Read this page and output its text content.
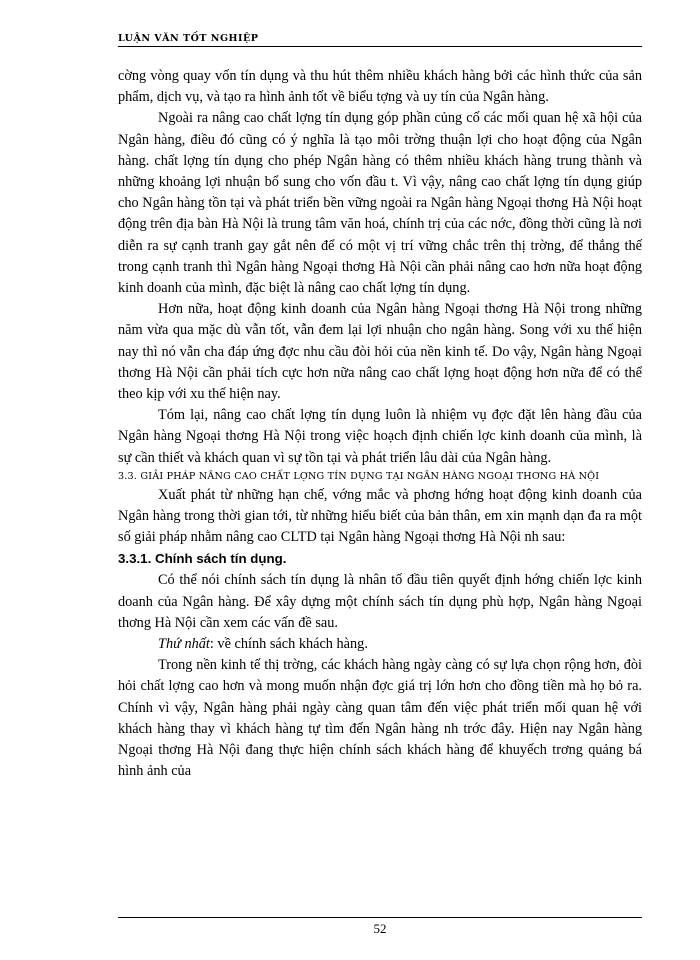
LUẬN VĂN TỐT NGHIỆP

cờng vòng quay vốn tín dụng và thu hút thêm nhiều khách hàng bởi các hình thức của sản phẩm, dịch vụ, và tạo ra hình ảnh tốt về biểu tợng và uy tín của Ngân hàng.

Ngoài ra nâng cao chất lợng tín dụng góp phần củng cố các mối quan hệ xã hội của Ngân hàng, điều đó cũng có ý nghĩa là tạo môi trờng thuận lợi cho hoạt động của Ngân hàng. chất lợng tín dụng cho phép Ngân hàng có thêm nhiều khách hàng trung thành và những khoảng lợi nhuận bổ sung cho vốn đầu t. Vì vậy, nâng cao chất lợng tín dụng giúp cho Ngân hàng tồn tại và phát triển bền vững ngoài ra Ngân hàng Ngoại thơng Hà Nội hoạt động trên địa bàn Hà Nội là trung tâm văn hoá, chính trị của các nớc, đồng thời cũng là nơi diễn ra sự cạnh tranh gay gắt nên để có một vị trí vững chắc trên thị trờng, để thắng thế trong cạnh tranh thì Ngân hàng Ngoại thơng Hà Nội cần phải nâng cao hơn nữa hoạt động kinh doanh của mình, đặc biệt là nâng cao chất lợng tín dụng.

Hơn nữa, hoạt động kinh doanh của Ngân hàng Ngoại thơng Hà Nội trong những năm vừa qua mặc dù vẫn tốt, vẫn đem lại lợi nhuận cho ngân hàng. Song với xu thế hiện nay thì nó vẫn cha đáp ứng đợc nhu cầu đòi hỏi của nền kinh tế. Do vậy, Ngân hàng Ngoại thơng Hà Nội cần phải tích cực hơn nữa nâng cao chất lợng hoạt động hơn nữa để có thể theo kịp với xu thế hiện nay.

Tóm lại, nâng cao chất lợng tín dụng luôn là nhiệm vụ đợc đặt lên hàng đầu của Ngân hàng Ngoại thơng Hà Nội trong việc hoạch định chiến lợc kinh doanh của mình, là sự cần thiết và khách quan vì sự tồn tại và phát triển lâu dài của Ngân hàng.

3.3. GIẢI PHÁP NÂNG CAO CHẤT LỢNG TÍN DỤNG TẠI NGÂN HÀNG NGOẠI THƠNG HÀ NỘI

Xuất phát từ những hạn chế, vớng mắc và phơng hớng hoạt động kinh doanh của Ngân hàng trong thời gian tới, từ những hiểu biết của bản thân, em xin mạnh dạn đa ra một số giải pháp nhằm nâng cao CLTD tại Ngân hàng Ngoại thơng Hà Nội nh sau:

3.3.1. Chính sách tín dụng.

Có thể nói chính sách tín dụng là nhân tố đầu tiên quyết định hớng chiến lợc kinh doanh của Ngân hàng. Để xây dựng một chính sách tín dụng phù hợp, Ngân hàng Ngoại thơng Hà Nội cần xem các vấn đề sau.

Thứ nhất: về chính sách khách hàng.

Trong nền kinh tế thị trờng, các khách hàng ngày càng có sự lựa chọn rộng hơn, đòi hỏi chất lợng cao hơn và mong muốn nhận đợc giá trị lớn hơn cho đồng tiền mà họ bỏ ra. Chính vì vậy, Ngân hàng phải ngày càng quan tâm đến việc phát triển mối quan hệ với khách hàng thay vì khách hàng tự tìm đến Ngân hàng nh trớc đây. Hiện nay Ngân hàng Ngoại thơng Hà Nội đang thực hiện chính sách khách hàng để khuyếch trơng quảng bá hình ảnh của

52
